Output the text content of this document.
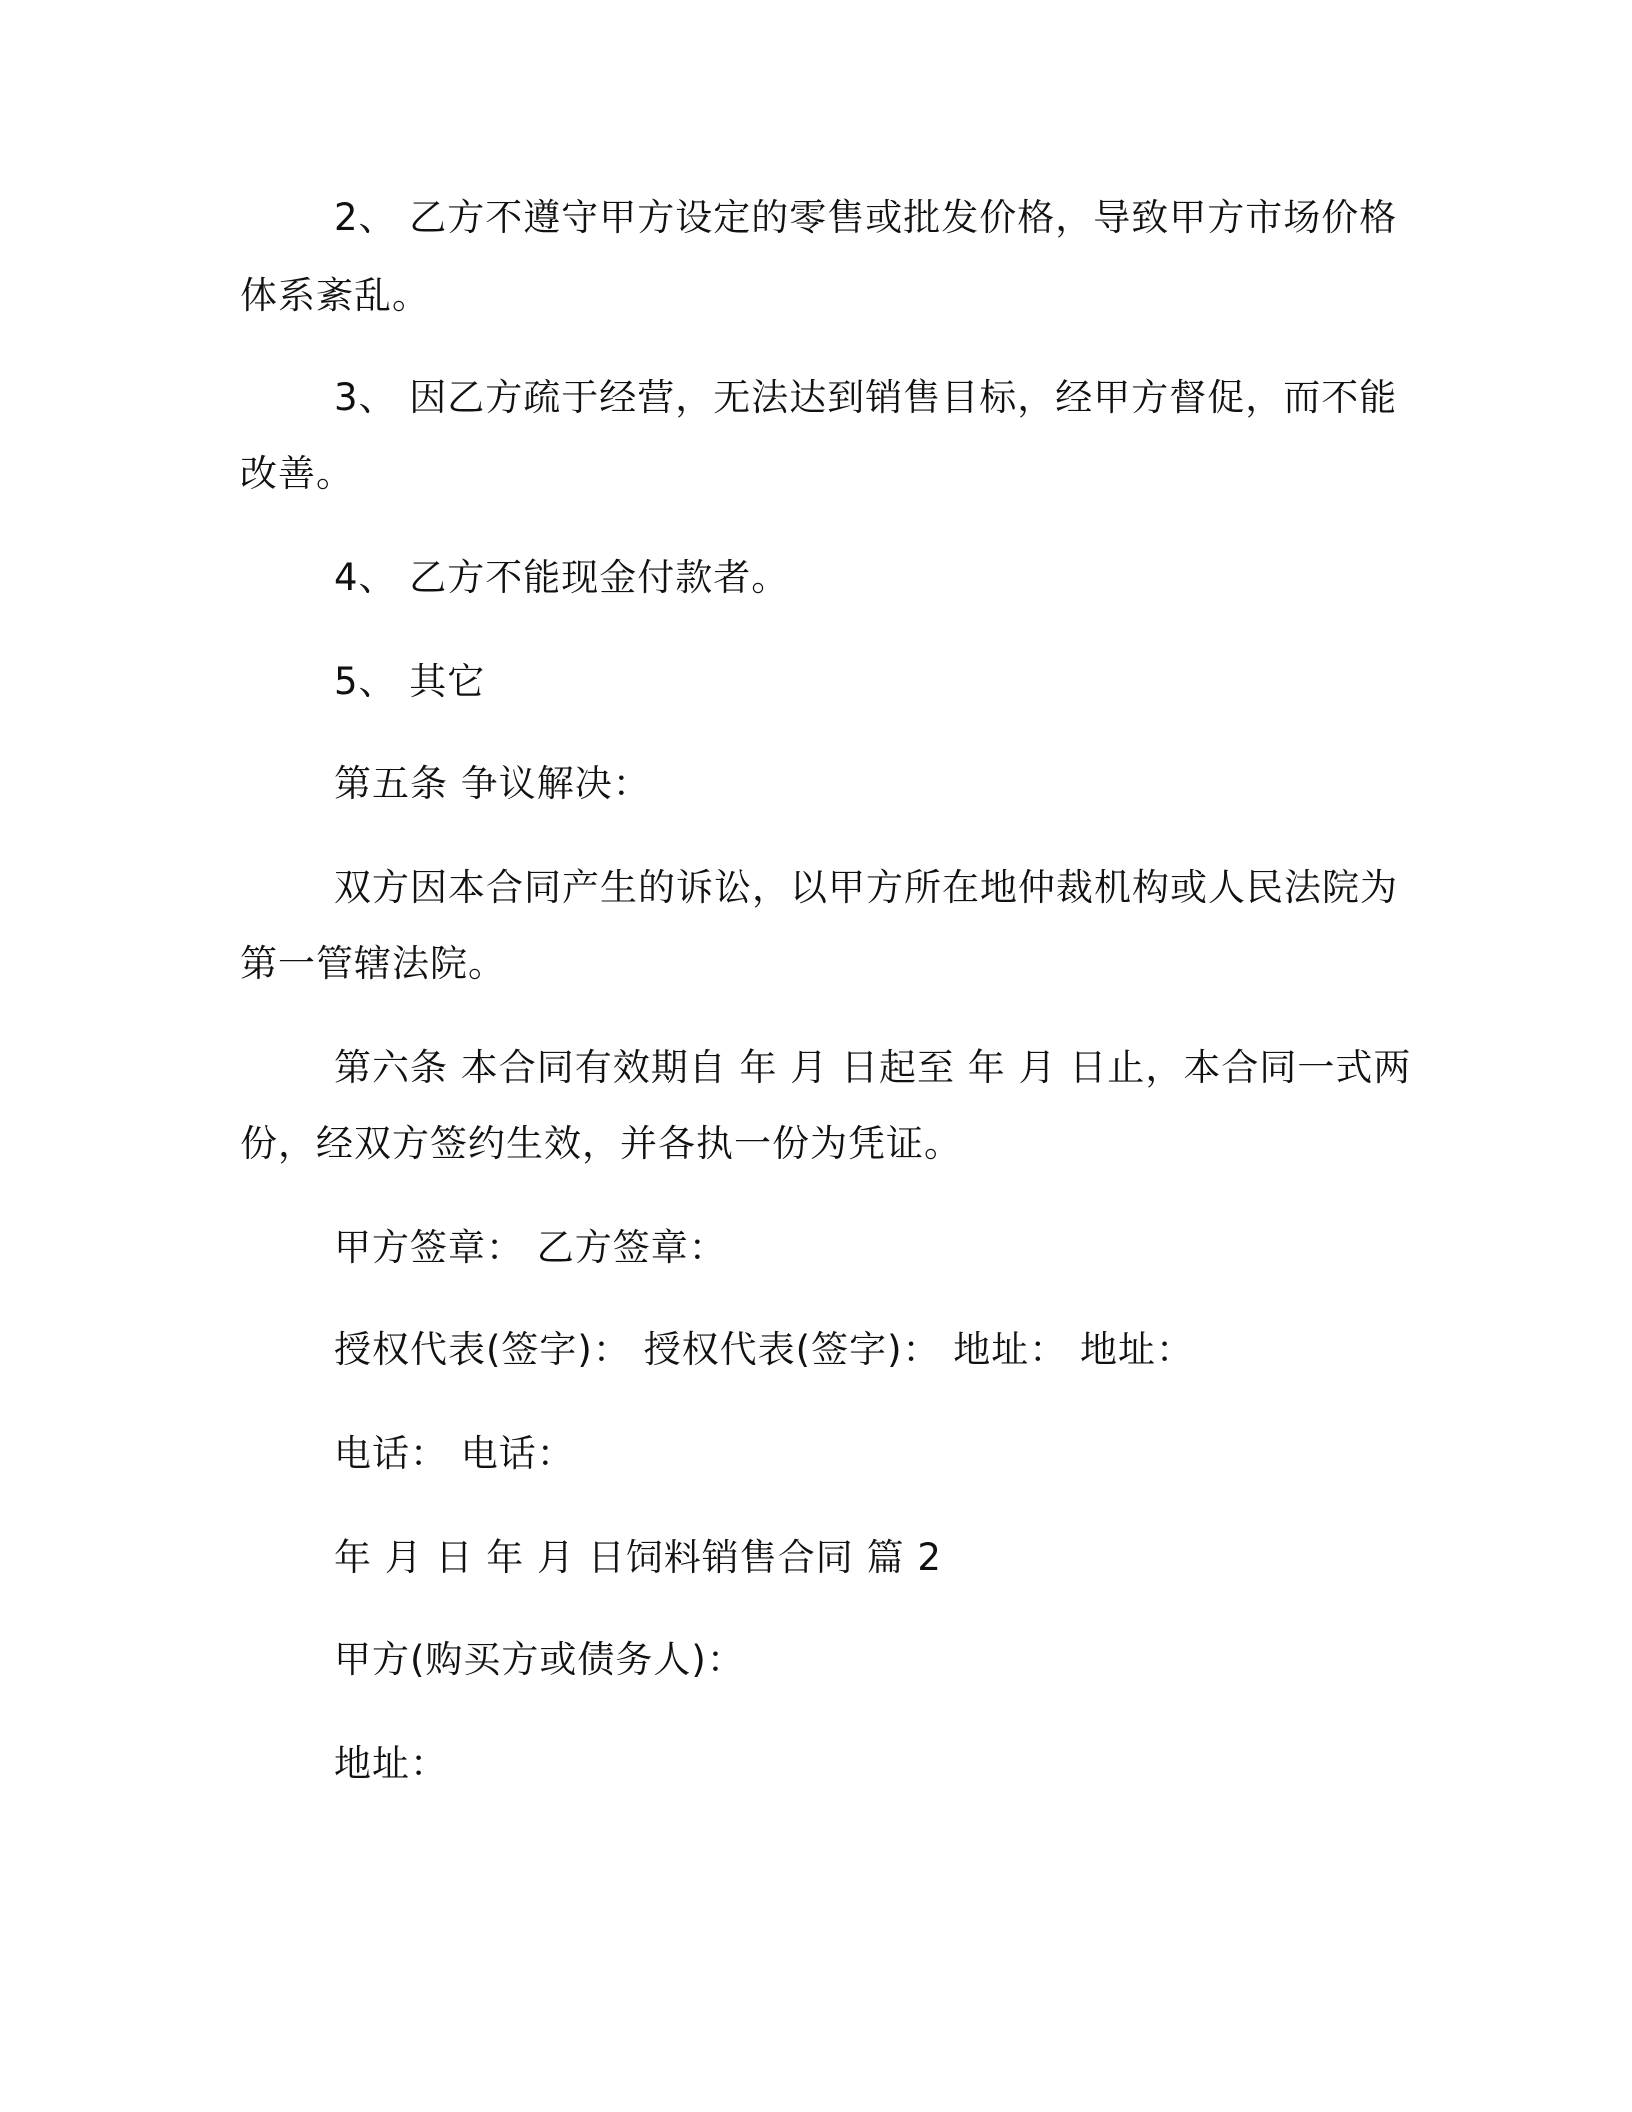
2、 乙方不遵守甲方设定的零售或批发价格，导致甲方市场价格
体系紊乱。
3、 因乙方疏于经营，无法达到销售目标，经甲方督促，而不能
改善。
4、 乙方不能现金付款者。
5、 其它
第五条 争议解决：
双方因本合同产生的诉讼，以甲方所在地仲裁机构或人民法院为
第一管辖法院。
第六条 本合同有效期自 年 月 日起至 年 月 日止，本合同一式两
份，经双方签约生效，并各执一份为凭证。
甲方签章： 乙方签章：
授权代表(签字)： 授权代表(签字)： 地址： 地址：
电话： 电话：
年 月 日 年 月 日饲料销售合同 篇 2
甲方(购买方或债务人)：
地址：
